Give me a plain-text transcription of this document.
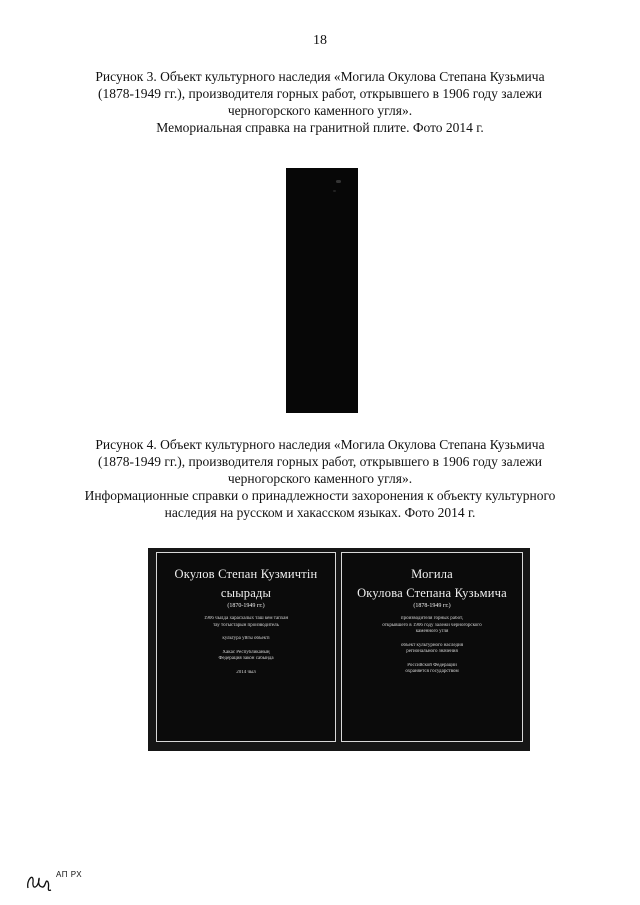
18
Рисунок 3. Объект культурного наследия «Могила Окулова Степана Кузьмича
(1878-1949 гг.), производителя горных работ, открывшего в 1906 году залежи
черногорского каменного угля».
Мемориальная справка на гранитной плите. Фото 2014 г.
Рисунок 4. Объект культурного наследия «Могила Окулова Степана Кузьмича
(1878-1949 гг.), производителя горных работ, открывшего в 1906 году залежи
черногорского каменного угля».
Информационные справки о принадлежности захоронения к объекту культурного
наследия на русском и хакасском языках. Фото 2014 г.

Окулов Степан Кузмичтiн
сыырады
(1870-1949 гг.)
1906 чылда харасхалых таш кем тапхан
тау тогыстарын производитель
культура уйгы объектi
Хакас Республиканың
Федерация закон сабында
2014 чыл

Могила
Окулова Степана Кузьмича
(1878-1949 гг.)
производителя горных работ,
открывшего в 1906 году залежи черногорского
каменного угля
объект культурного наследия
регионального значения
Российской Федерации
охраняется государством
АП РХ
